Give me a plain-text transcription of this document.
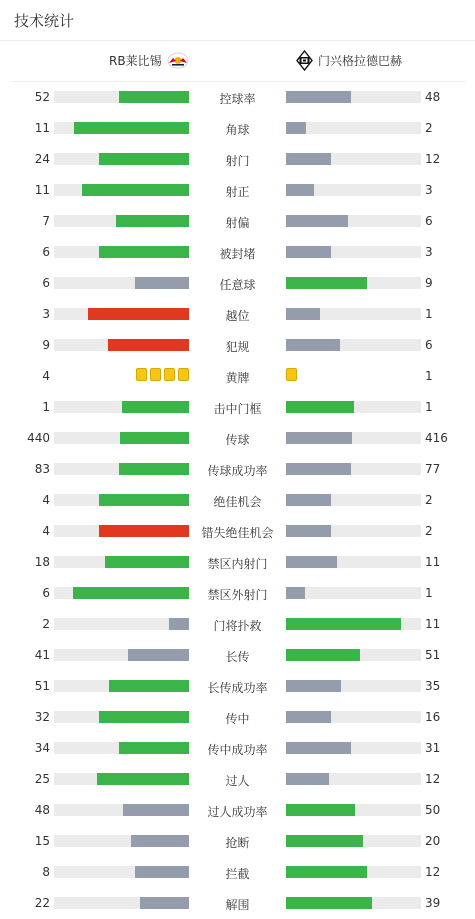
技术统计
RB莱比锡	门兴格拉德巴赫
52	控球率	48
11	角球	2
24	射门	12
11	射正	3
7	射偏	6
6	被封堵	3
6	任意球	9
3	越位	1
9	犯规	6
4	黄牌	1
1	击中门框	1
440	传球	416
83	传球成功率	77
4	绝佳机会	2
4	错失绝佳机会	2
18	禁区内射门	11
6	禁区外射门	1
2	门将扑救	11
41	长传	51
51	长传成功率	35
32	传中	16
34	传中成功率	31
25	过人	12
48	过人成功率	50
15	抢断	20
8	拦截	12
22	解围	39
